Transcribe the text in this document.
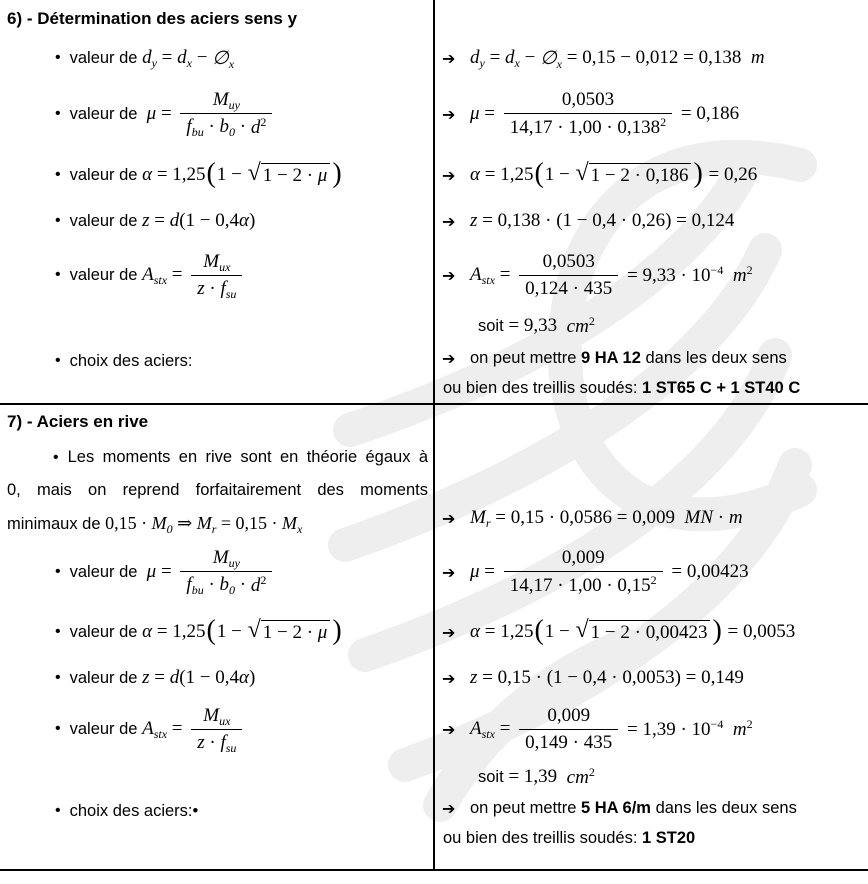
6) - Détermination des aciers sens y
• valeur de $d_y = d_x$ − $\emptyset_x$	➔ $d_y = d_x$ − $\emptyset_x = 0,15 - 0,012 = 0,138$ m
• valeur de $\mu = \frac{M_{uy}}{f_{bu} \cdot b_0 \cdot d^2}$	➔ $\mu = \frac{0,0503}{14,17 \cdot 1,00 \cdot 0,138^2} = 0,186$
• valeur de α = 1,25 ( 1 − √ 1 − 2 · μ )	➔ α = 1,25 ( 1 − √ 1 − 2 · 0,186 ) = 0,26
• valeur de z = d (1 − 0,4 α )	➔ z = 0,138 · (1 − 0,4 · 0,26) = 0,124
• valeur de $A_{stx} = \frac{M_{ux}}{z \cdot f_{su}}$	➔ $A_{stx} = \frac{0,0503}{0,124 \cdot 435} = 9,33 \cdot 10^{-4}$
$m^2$
soit = 9,33 $cm^2$
• choix des aciers:	➔ on peut mettre 9 HA 12 dans les deux sens
ou bien des treillis soudés: 1 ST65 C + 1 ST40 C
7) - Aciers en rive
• Les moments en rive sont en théorie égaux à
0, mais on reprend forfaitairement des moments
minimaux de $0,15 \cdot M_0$ ⇒ $M_r = 0,15 \cdot M_x$
➔ $M_r = 0,15 \cdot 0,0586 = 0,009$ MN · m
• valeur de $\mu = \frac{M_{uy}}{f_{bu} \cdot b_0 \cdot d^2}$	➔ $\mu = \frac{0,009}{14,17 \cdot 1,00 \cdot 0,15^2} = 0,00423$
• valeur de α = 1,25 ( 1 − √ 1 − 2 · μ )	➔ α = 1,25 ( 1 − √ 1 − 2 · 0,00423 ) = 0,0053
• valeur de z = d (1 − 0,4 α )	➔ z = 0,15 · (1 − 0,4 · 0,0053) = 0,149
• valeur de $A_{stx} = \frac{M_{ux}}{z \cdot f_{su}}$	➔ $A_{stx} = \frac{0,009}{0,149 \cdot 435} = 1,39 \cdot 10^{-4}$
$m^2$
soit = 1,39 $cm^2$
• choix des aciers:•	➔ on peut mettre 5 HA 6/m dans les deux sens
ou bien des treillis soudés: 1 ST20
